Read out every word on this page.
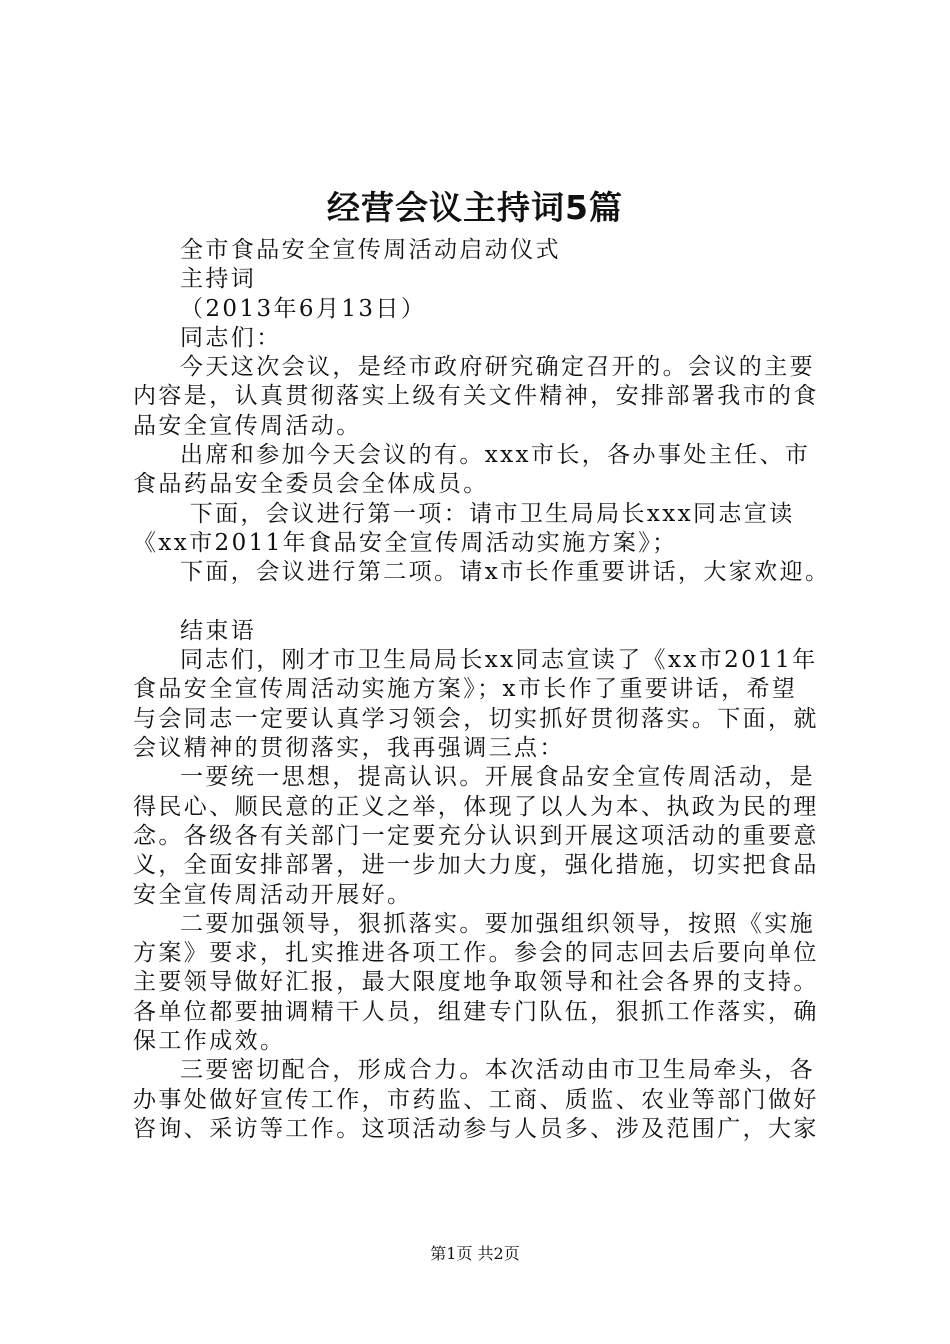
经营会议主持词5篇
全市食品安全宣传周活动启动仪式
主持词
（2013年6月13日）
同志们：
今天这次会议，是经市政府研究确定召开的。会议的主要
内容是，认真贯彻落实上级有关文件精神，安排部署我市的食
品安全宣传周活动。
出席和参加今天会议的有。xxx市长，各办事处主任、市
食品药品安全委员会全体成员。
下面，会议进行第一项：请市卫生局局长xxx同志宣读
《xx市2011年食品安全宣传周活动实施方案》；
下面，会议进行第二项。请x市长作重要讲话，大家欢迎。
结束语
同志们，刚才市卫生局局长xx同志宣读了《xx市2011年
食品安全宣传周活动实施方案》；x市长作了重要讲话，希望
与会同志一定要认真学习领会，切实抓好贯彻落实。下面，就
会议精神的贯彻落实，我再强调三点：
一要统一思想，提高认识。开展食品安全宣传周活动，是
得民心、顺民意的正义之举，体现了以人为本、执政为民的理
念。各级各有关部门一定要充分认识到开展这项活动的重要意
义，全面安排部署，进一步加大力度，强化措施，切实把食品
安全宣传周活动开展好。
二要加强领导，狠抓落实。要加强组织领导，按照《实施
方案》要求，扎实推进各项工作。参会的同志回去后要向单位
主要领导做好汇报，最大限度地争取领导和社会各界的支持。
各单位都要抽调精干人员，组建专门队伍，狠抓工作落实，确
保工作成效。
三要密切配合，形成合力。本次活动由市卫生局牵头，各
办事处做好宣传工作，市药监、工商、质监、农业等部门做好
咨询、采访等工作。这项活动参与人员多、涉及范围广，大家
第1页 共2页
